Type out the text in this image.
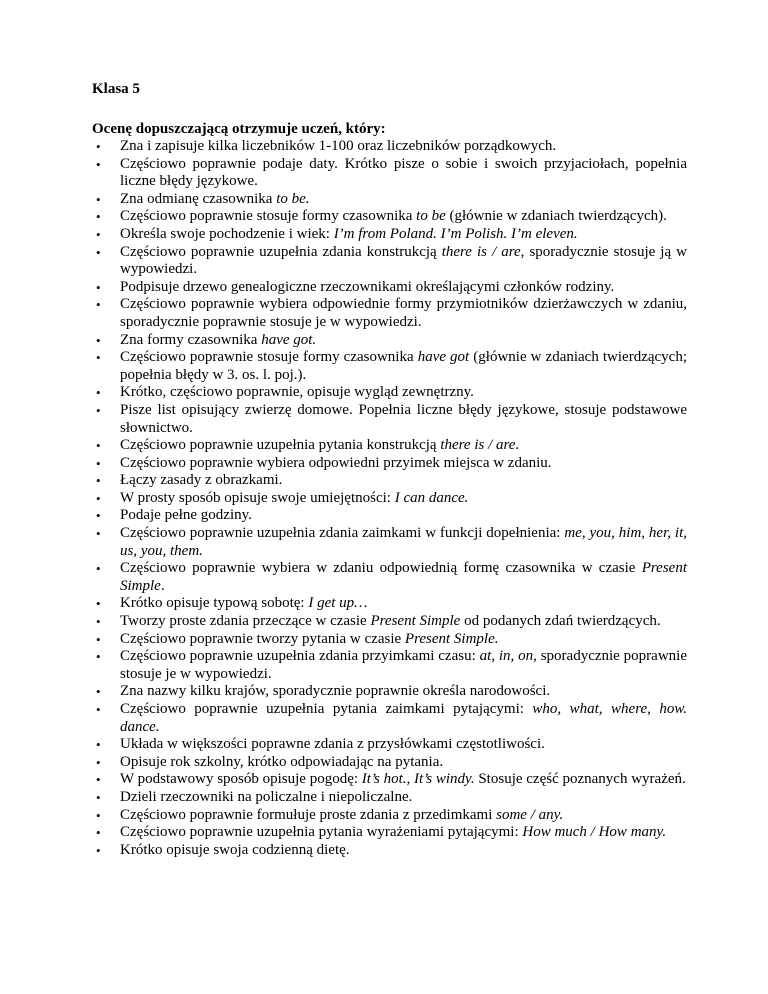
Klasa 5
Ocenę dopuszczającą otrzymuje uczeń, który:
• Zna i zapisuje kilka liczebników 1-100 oraz liczebników porządkowych.
• Częściowo poprawnie podaje daty. Krótko pisze o sobie i swoich przyjaciołach, popełnia liczne błędy językowe.
• Zna odmianę czasownika to be.
• Częściowo poprawnie stosuje formy czasownika to be (głównie w zdaniach twierdzących).
• Określa swoje pochodzenie i wiek: I’m from Poland. I’m Polish. I’m eleven.
• Częściowo poprawnie uzupełnia zdania konstrukcją there is / are, sporadycznie stosuje ją w wypowiedzi.
• Podpisuje drzewo genealogiczne rzeczownikami określającymi członków rodziny.
• Częściowo poprawnie wybiera odpowiednie formy przymiotników dzierżawczych w zdaniu, sporadycznie poprawnie stosuje je w wypowiedzi.
• Zna formy czasownika have got.
• Częściowo poprawnie stosuje formy czasownika have got (głównie w zdaniach twierdzących; popełnia błędy w 3. os. l. poj.).
• Krótko, częściowo poprawnie, opisuje wygląd zewnętrzny.
• Pisze list opisujący zwierzę domowe. Popełnia liczne błędy językowe, stosuje podstawowe słownictwo.
• Częściowo poprawnie uzupełnia pytania konstrukcją there is / are.
• Częściowo poprawnie wybiera odpowiedni przyimek miejsca w zdaniu.
• Łączy zasady z obrazkami.
• W prosty sposób opisuje swoje umiejętności: I can dance.
• Podaje pełne godziny.
• Częściowo poprawnie uzupełnia zdania zaimkami w funkcji dopełnienia: me, you, him, her, it, us, you, them.
• Częściowo poprawnie wybiera w zdaniu odpowiednią formę czasownika w czasie Present Simple.
• Krótko opisuje typową sobotę: I get up…
• Tworzy proste zdania przeczące w czasie Present Simple od podanych zdań twierdzących.
• Częściowo poprawnie tworzy pytania w czasie Present Simple.
• Częściowo poprawnie uzupełnia zdania przyimkami czasu: at, in, on, sporadycznie poprawnie stosuje je w wypowiedzi.
• Zna nazwy kilku krajów, sporadycznie poprawnie określa narodowości.
• Częściowo poprawnie uzupełnia pytania zaimkami pytającymi: who, what, where, how. dance.
• Układa w większości poprawne zdania z przysłówkami częstotliwości.
• Opisuje rok szkolny, krótko odpowiadając na pytania.
• W podstawowy sposób opisuje pogodę: It’s hot., It’s windy. Stosuje część poznanych wyrażeń.
• Dzieli rzeczowniki na policzalne i niepoliczalne.
• Częściowo poprawnie formułuje proste zdania z przedimkami some / any.
• Częściowo poprawnie uzupełnia pytania wyrażeniami pytającymi: How much / How many.
• Krótko opisuje swoja codzienną dietę.
